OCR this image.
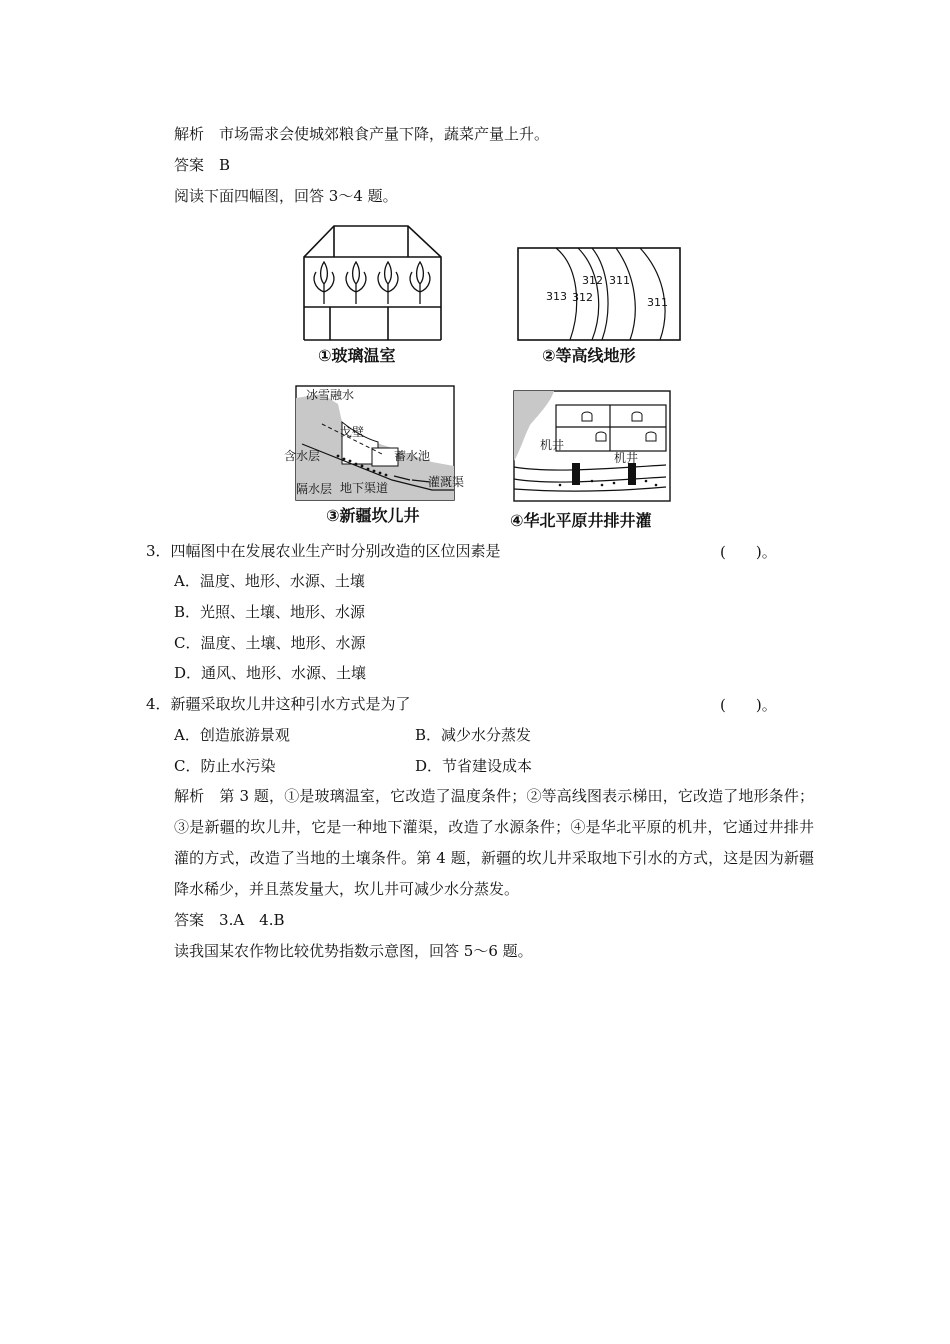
解析　 市场需求会使城郊粮食产量下降，蔬菜产量上升。
答案　 B
阅读下面四幅图，回答 3～4 题。
①玻璃温室
313 312
312 311
311
②等高线地形
冰雪融水
戈壁
含水层	蓄水池
隔水层 地下渠道	灌溉渠
③新疆坎儿井
机井
机井
④华北平原井排井灌
3．四幅图中在发展农业生产时分别改造的区位因素是	(　　)。
A．温度、地形、水源、土壤
B．光照、土壤、地形、水源
C．温度、土壤、地形、水源
D．通风、地形、水源、土壤
4．新疆采取坎儿井这种引水方式是为了	(　　)。
A．创造旅游景观	B．减少水分蒸发
C．防止水污染	D．节省建设成本
解析　 第 3 题，①是玻璃温室，它改造了温度条件；②等高线图表示梯田，它改造了地形条件；③是新疆的坎儿井，它是一种地下灌渠，改造了水源条件；④是华北平原的机井，它通过井排井灌的方式，改造了当地的土壤条件。第 4 题，新疆的坎儿井采取地下引水的方式，这是因为新疆降水稀少，并且蒸发量大，坎儿井可减少水分蒸发。
答案　 3.A　4.B
读我国某农作物比较优势指数示意图，回答 5～6 题。
